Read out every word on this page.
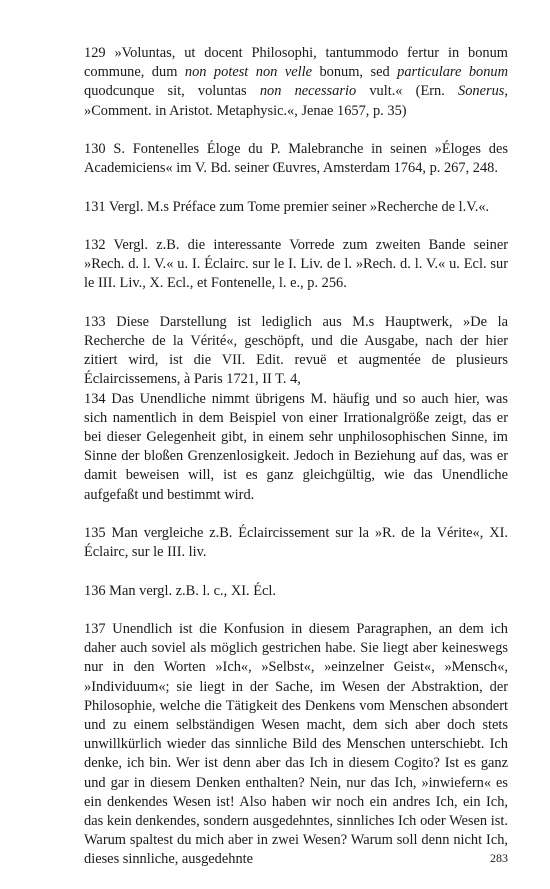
129 »Voluntas, ut docent Philosophi, tantummodo fertur in bonum commune, dum non potest non velle bonum, sed particulare bonum quodcunque sit, voluntas non necessario vult.« (Ern. Sonerus, »Comment. in Aristot. Metaphysic.«, Jenae 1657, p. 35)

130 S. Fontenelles Éloge du P. Malebranche in seinen »Éloges des Academiciens« im V. Bd. seiner Œuvres, Amsterdam 1764, p. 267, 248.

131 Vergl. M.s Préface zum Tome premier seiner »Recherche de l.V.«.

132 Vergl. z.B. die interessante Vorrede zum zweiten Bande seiner »Rech. d. l. V.« u. I. Éclairc. sur le I. Liv. de l. »Rech. d. l. V.« u. Ecl. sur le III. Liv., X. Ecl., et Fontenelle, l. e., p. 256.

133 Diese Darstellung ist lediglich aus M.s Hauptwerk, »De la Recherche de la Vérité«, geschöpft, und die Ausgabe, nach der hier zitiert wird, ist die VII. Edit. revuë et augmentée de plusieurs Éclaircissemens, à Paris 1721, II T. 4,

134 Das Unendliche nimmt übrigens M. häufig und so auch hier, was sich namentlich in dem Beispiel von einer Irrationalgröße zeigt, das er bei dieser Gelegenheit gibt, in einem sehr unphilosophischen Sinne, im Sinne der bloßen Grenzenlosigkeit. Jedoch in Beziehung auf das, was er damit beweisen will, ist es ganz gleichgültig, wie das Unendliche aufgefaßt und bestimmt wird.

135 Man vergleiche z.B. Éclaircissement sur la »R. de la Vérite«, XI. Éclairc, sur le III. liv.

136 Man vergl. z.B. l. c., XI. Écl.

137 Unendlich ist die Konfusion in diesem Paragraphen, an dem ich daher auch soviel als möglich gestrichen habe. Sie liegt aber keineswegs nur in den Worten »Ich«, »Selbst«, »einzelner Geist«, »Mensch«, »Individuum«; sie liegt in der Sache, im Wesen der Abstraktion, der Philosophie, welche die Tätigkeit des Denkens vom Menschen absondert und zu einem selbständigen Wesen macht, dem sich aber doch stets unwillkürlich wieder das sinnliche Bild des Menschen unterschiebt. Ich denke, ich bin. Wer ist denn aber das Ich in diesem Cogito? Ist es ganz und gar in diesem Denken enthalten? Nein, nur das Ich, »inwiefern« es ein denkendes Wesen ist! Also haben wir noch ein andres Ich, ein Ich, das kein denkendes, sondern ausgedehntes, sinnliches Ich oder Wesen ist. Warum spaltest du mich aber in zwei Wesen? Warum soll denn nicht Ich, dieses sinnliche, ausgedehnte	283
